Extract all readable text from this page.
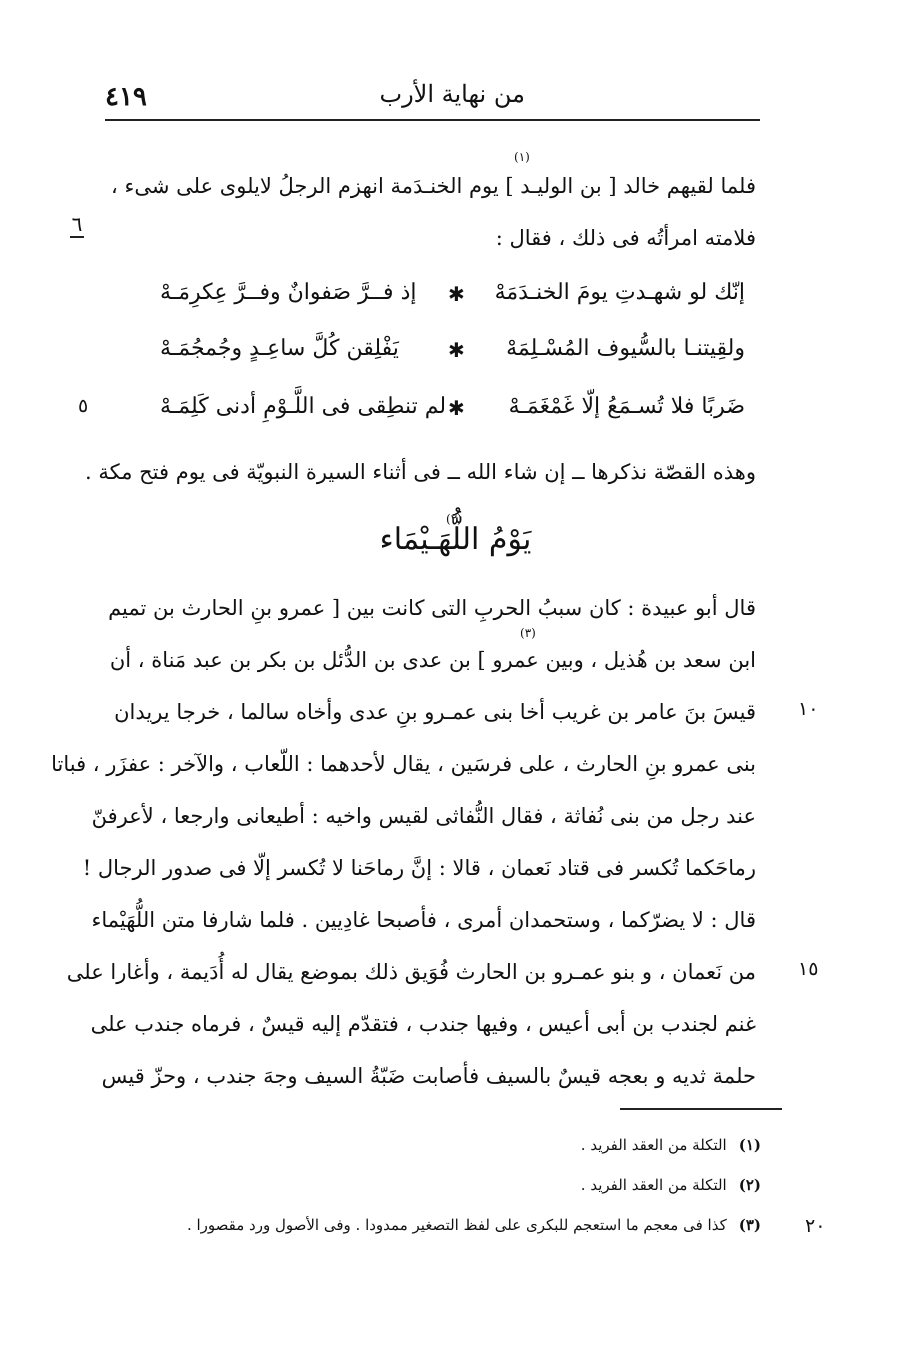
٤١٩	من نهاية الأرب
٦
٥
١٠
١٥
٢٠
(١)
فلما لقيهم خالد [ بن الوليـد ] يوم الخنـدَمة انهزم الرجلُ لايلوى على شىء ،
فلامته امرأتُه فى ذلك ، فقال :
إنّك لو شهـدتِ يومَ الخنـدَمَهْ
✱
إذ فــرَّ صَفوانٌ وفــرَّ عِكرِمَـهْ
ولقِيتنـا بالسُّيوف المُسْـلِمَهْ
✱
يَفْلِقن كُلَّ ساعِـدٍ وجُمجُمَـهْ
ضَربًا فلا تُسـمَعُ إلّا غَمْغَمَـهْ
✱
لم تنطِقى فى اللَّـوْمِ أدنى كَلِمَـهْ
وهذه القصّة نذكرها ــ إن شاء الله ــ فى أثناء السيرة النبويّة فى يوم فتح مكة .
(٢)
يَوْمُ اللُّهَـيْمَاء
قال أبو عبيدة : كان سببُ الحربِ التى كانت بين [ عمرو بنِ الحارث بن تميم
(٣)
ابن سعد بن هُذيل ، وبين عمرو ] بن عدى بن الدُّئل بن بكر بن عبد مَناة ، أن
قيسَ بنَ عامر بن غريب أخا بنى عمـرو بنِ عدى وأخاه سالما ، خرجا يريدان
بنى عمرو بنِ الحارث ، على فرسَين ، يقال لأحدهما : اللّعاب ، والآخر : عفزَر ، فباتا
عند رجل من بنى نُفاثة ، فقال النُّفاثى لقيس واخيه : أطيعانى وارجعا ، لأعرفنّ
رماحَكما تُكسر فى قتاد نَعمان ، قالا : إنَّ رماحَنا لا تُكسر إلّا فى صدور الرجال !
قال : لا يضرّكما ، وستحمدان أمرى ، فأصبحا غادِيين . فلما شارفا متن اللُّهَيْماء
من نَعمان ، و بنو عمـرو بن الحارث فُوَيق ذلك بموضع يقال له أُدَيمة ، وأغارا على
غنم لجندب بن أبى أعيس ، وفيها جندب ، فتقدّم إليه قيسٌ ، فرماه جندب على
حلمة ثديه و بعجه قيسٌ بالسيف فأصابت ضَبّةُ السيف وجهَ جندب ، وحزّ قيس
(١)التكلة من العقد الفريد .
(٢)التكلة من العقد الفريد .
(٣)كذا فى معجم ما استعجم للبكرى على لفظ التصغير ممدودا . وفى الأصول ورد مقصورا .
